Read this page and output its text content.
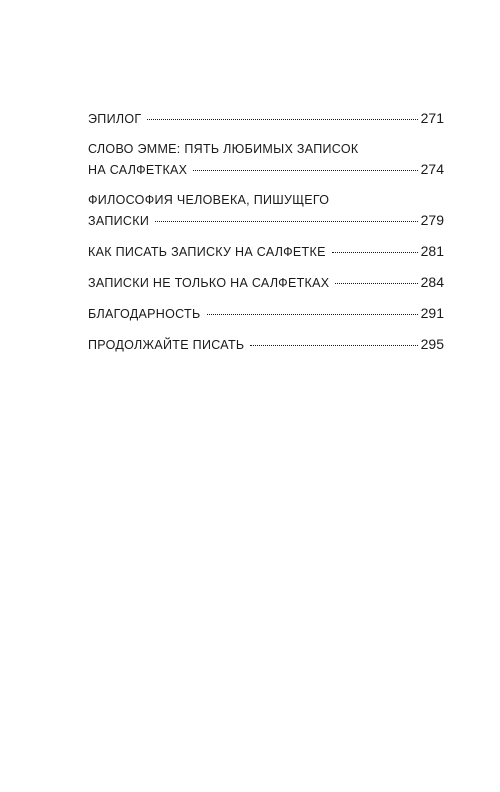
ЭПИЛОГ	271
СЛОВО ЭММЕ: ПЯТЬ ЛЮБИМЫХ ЗАПИСОК
НА САЛФЕТКАХ	274
ФИЛОСОФИЯ ЧЕЛОВЕКА, ПИШУЩЕГО
ЗАПИСКИ	279
КАК ПИСАТЬ ЗАПИСКУ НА САЛФЕТКЕ	281
ЗАПИСКИ НЕ ТОЛЬКО НА САЛФЕТКАХ	284
БЛАГОДАРНОСТЬ	291
ПРОДОЛЖАЙТЕ ПИСАТЬ	295
